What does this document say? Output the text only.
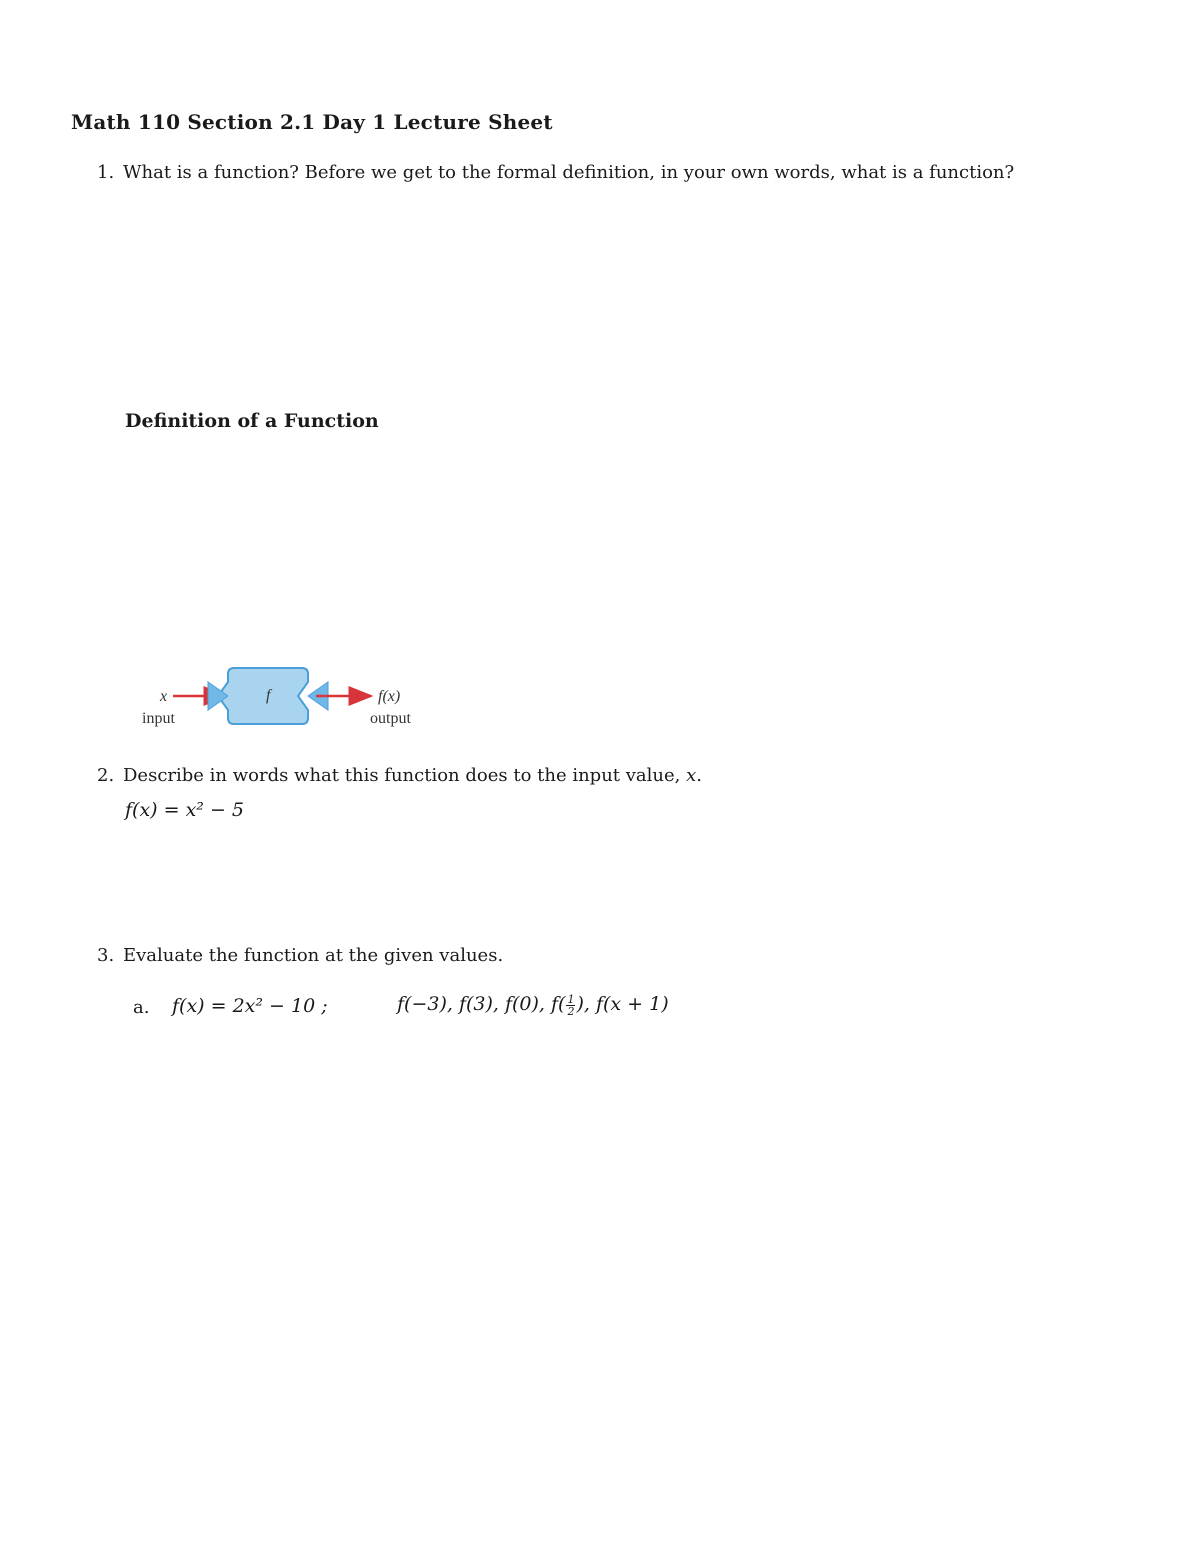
Math 110 Section 2.1 Day 1 Lecture Sheet
1. What is a function? Before we get to the formal definition, in your own words, what is a function?
Definition of a Function
x
input
f	f(x)
output
2. Describe in words what this function does to the input value, x.
f(x) = x² − 5
3. Evaluate the function at the given values.
a. f(x) = 2x² − 10 ;	f(−3), f(3), f(0), $f( \frac{1}{2}$ ), f(x + 1)
